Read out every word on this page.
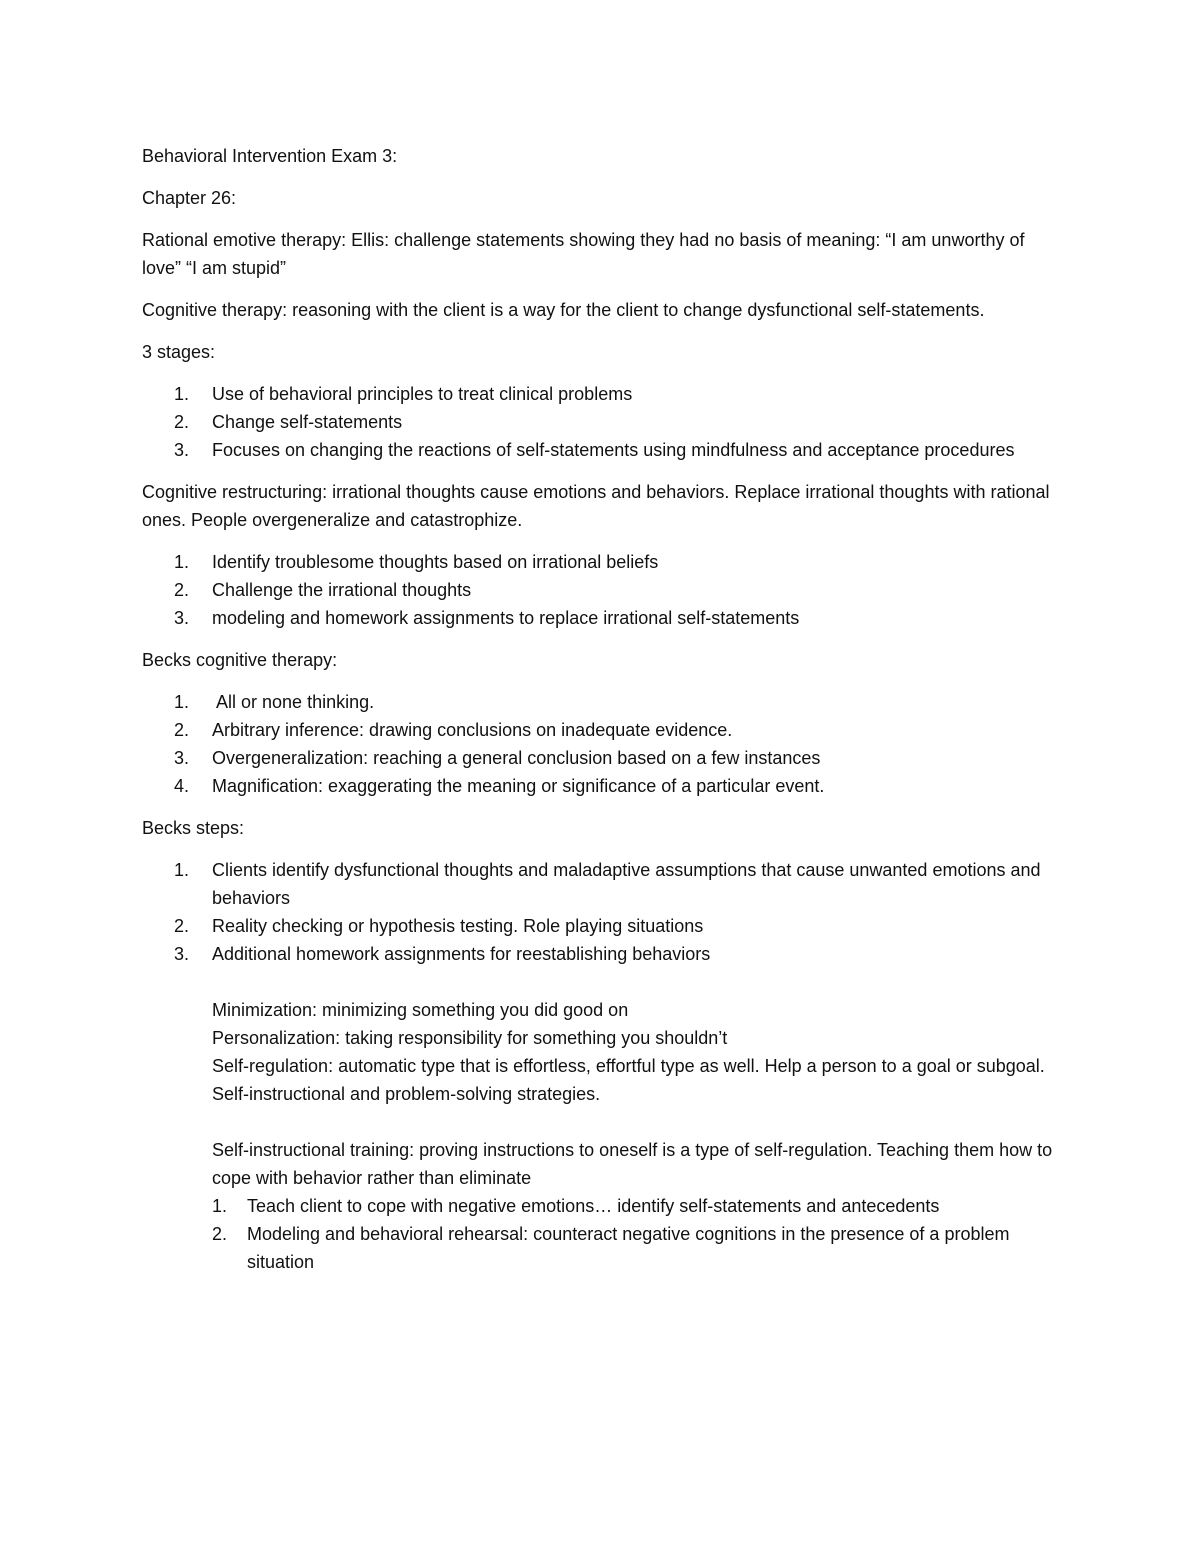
Behavioral Intervention Exam 3:

Chapter 26:

Rational emotive therapy: Ellis: challenge statements showing they had no basis of meaning: “I am unworthy of love” “I am stupid”

Cognitive therapy: reasoning with the client is a way for the client to change dysfunctional self-statements.

3 stages:

1. Use of behavioral principles to treat clinical problems
2. Change self-statements
3. Focuses on changing the reactions of self-statements using mindfulness and acceptance procedures

Cognitive restructuring: irrational thoughts cause emotions and behaviors. Replace irrational thoughts with rational ones. People overgeneralize and catastrophize.

1. Identify troublesome thoughts based on irrational beliefs
2. Challenge the irrational thoughts
3. modeling and homework assignments to replace irrational self-statements

Becks cognitive therapy:

1. All or none thinking.
2. Arbitrary inference: drawing conclusions on inadequate evidence.
3. Overgeneralization: reaching a general conclusion based on a few instances
4. Magnification: exaggerating the meaning or significance of a particular event.

Becks steps:

1. Clients identify dysfunctional thoughts and maladaptive assumptions that cause unwanted emotions and behaviors
2. Reality checking or hypothesis testing. Role playing situations
3. Additional homework assignments for reestablishing behaviors

Minimization: minimizing something you did good on

Personalization: taking responsibility for something you shouldn’t

Self-regulation: automatic type that is effortless, effortful type as well. Help a person to a goal or subgoal. Self-instructional and problem-solving strategies.

Self-instructional training: proving instructions to oneself is a type of self-regulation. Teaching them how to cope with behavior rather than eliminate

1. Teach client to cope with negative emotions… identify self-statements and antecedents
2. Modeling and behavioral rehearsal: counteract negative cognitions in the presence of a problem situation
